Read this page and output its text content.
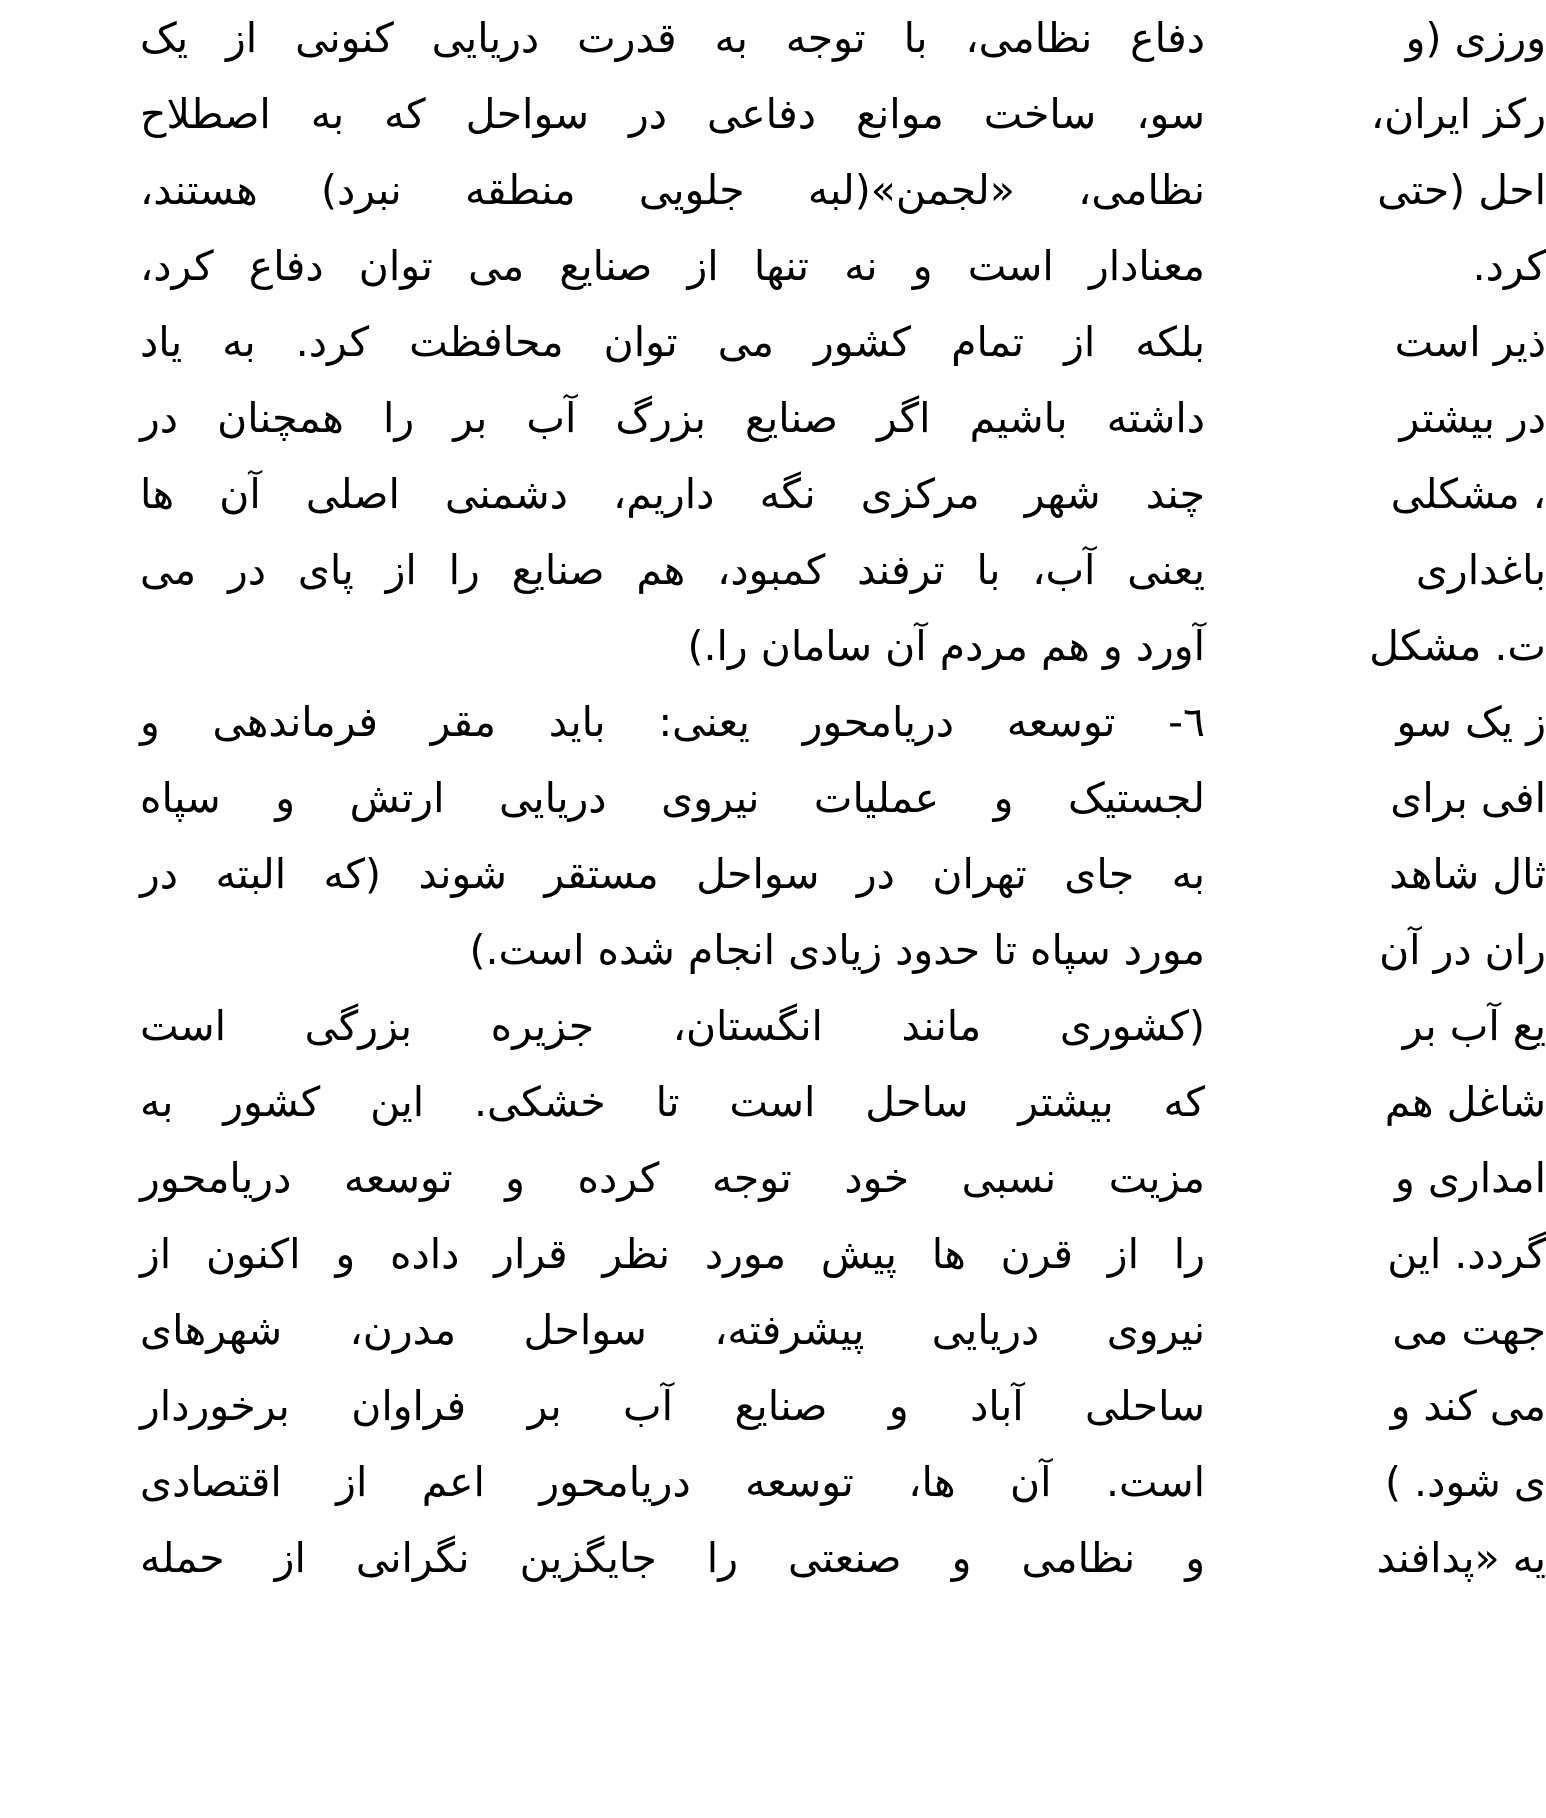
دفاع نظامی، با توجه به قدرت دریایی کنونی از یک
سو، ساخت موانع دفاعی در سواحل که به اصطلاح
نظامی، «لجمن»(لبه جلویی منطقه نبرد) هستند،
معنادار است و نه تنها از صنایع می توان دفاع کرد،
بلکه از تمام کشور می توان محافظت کرد. به یاد
داشته باشیم اگر صنایع بزرگ آب بر را همچنان در
چند شهر مرکزی نگه داریم، دشمنی اصلی آن ها
یعنی آب، با ترفند کمبود، هم صنایع را از پای در می
آورد و هم مردم آن سامان را.)
٦- توسعه دریامحور یعنی: باید مقر فرماندهی و
لجستیک و عملیات نیروی دریایی ارتش و سپاه
به جای تهران در سواحل مستقر شوند (که البته در
مورد سپاه تا حدود زیادی انجام شده است.)
(کشوری مانند انگستان، جزیره بزرگی است
که بیشتر ساحل است تا خشکی. این کشور به
مزیت نسبی خود توجه کرده و توسعه دریامحور
را از قرن ها پیش مورد نظر قرار داده و اکنون از
نیروی دریایی پیشرفته، سواحل مدرن، شهرهای
ساحلی آباد و صنایع آب بر فراوان برخوردار
است. آن ها، توسعه دریامحور اعم از اقتصادی
و نظامی و صنعتی را جایگزین نگرانی از حمله
ورزی (و
رکز ایران،
احل (حتی
کرد.
ذیر است
در بیشتر
، مشکلی
باغداری
ت. مشکل
ز یک سو
افی برای
ثال شاهد
ران در آن
یع آب بر
شاغل هم
امداری و
گردد. این
جهت می
می کند و
ی شود. )
یه «پدافند
